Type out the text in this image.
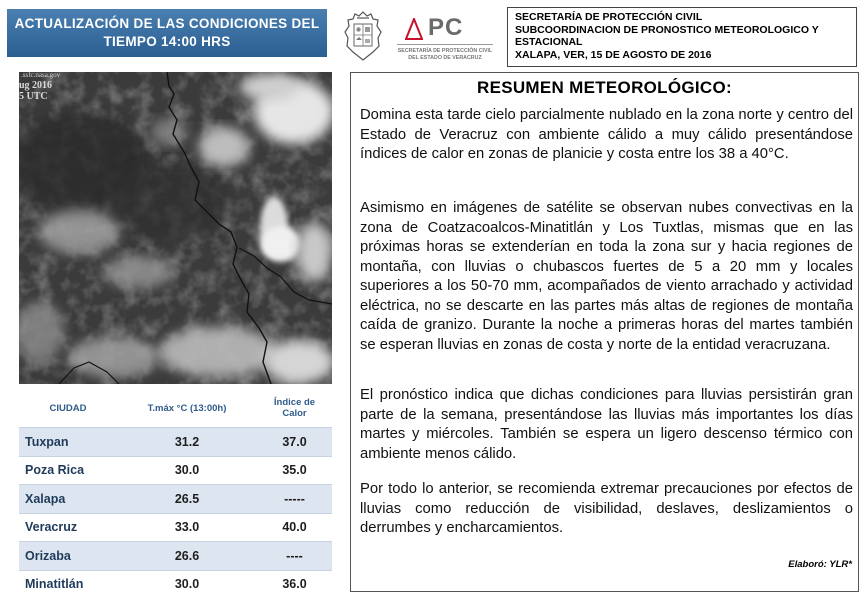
ACTUALIZACIÓN DE LAS CONDICIONES DEL
TIEMPO 14:00 HRS
PC
SECRETARÍA DE PROTECCIÓN CIVIL
DEL ESTADO DE VERACRUZ
SECRETARÍA DE PROTECCIÓN CIVIL
SUBCOORDINACION DE PRONOSTICO METEOROLOGICO Y
ESTACIONAL
XALAPA, VER, 15 DE AGOSTO DE 2016
.ssfc.nasa.gov
ug 2016
5 UTC
CIUDAD	T.máx °C (13:00h)	Índice de
Calor

Tuxpan	31.2	37.0
Poza Rica	30.0	35.0
Xalapa	26.5	-----
Veracruz	33.0	40.0
Orizaba	26.6	----
Minatitlán	30.0	36.0
RESUMEN METEOROLÓGICO:
Domina esta tarde cielo parcialmente nublado en la zona norte y centro del Estado de Veracruz con ambiente cálido a muy cálido presentándose índices de calor en zonas de planicie y costa entre los 38 a 40°C.
Asimismo en imágenes de satélite se observan nubes convectivas en la zona de Coatzacoalcos-Minatitlán y Los Tuxtlas, mismas que en las próximas horas se extenderían en toda la zona sur y hacia regiones de montaña, con lluvias o chubascos fuertes de 5 a 20 mm y locales superiores a los 50-70 mm, acompañados de viento arrachado y actividad eléctrica, no se descarte en las partes más altas de regiones de montaña caída de granizo. Durante la noche a primeras horas del martes también se esperan lluvias en zonas de costa y norte de la entidad veracruzana.
El pronóstico indica que dichas condiciones para lluvias persistirán gran parte de la semana, presentándose las lluvias más importantes los días martes y miércoles. También se espera un ligero descenso térmico con ambiente menos cálido.
Por todo lo anterior, se recomienda extremar precauciones por efectos de lluvias como reducción de visibilidad, deslaves, deslizamientos o derrumbes y encharcamientos.
Elaboró: YLR*
